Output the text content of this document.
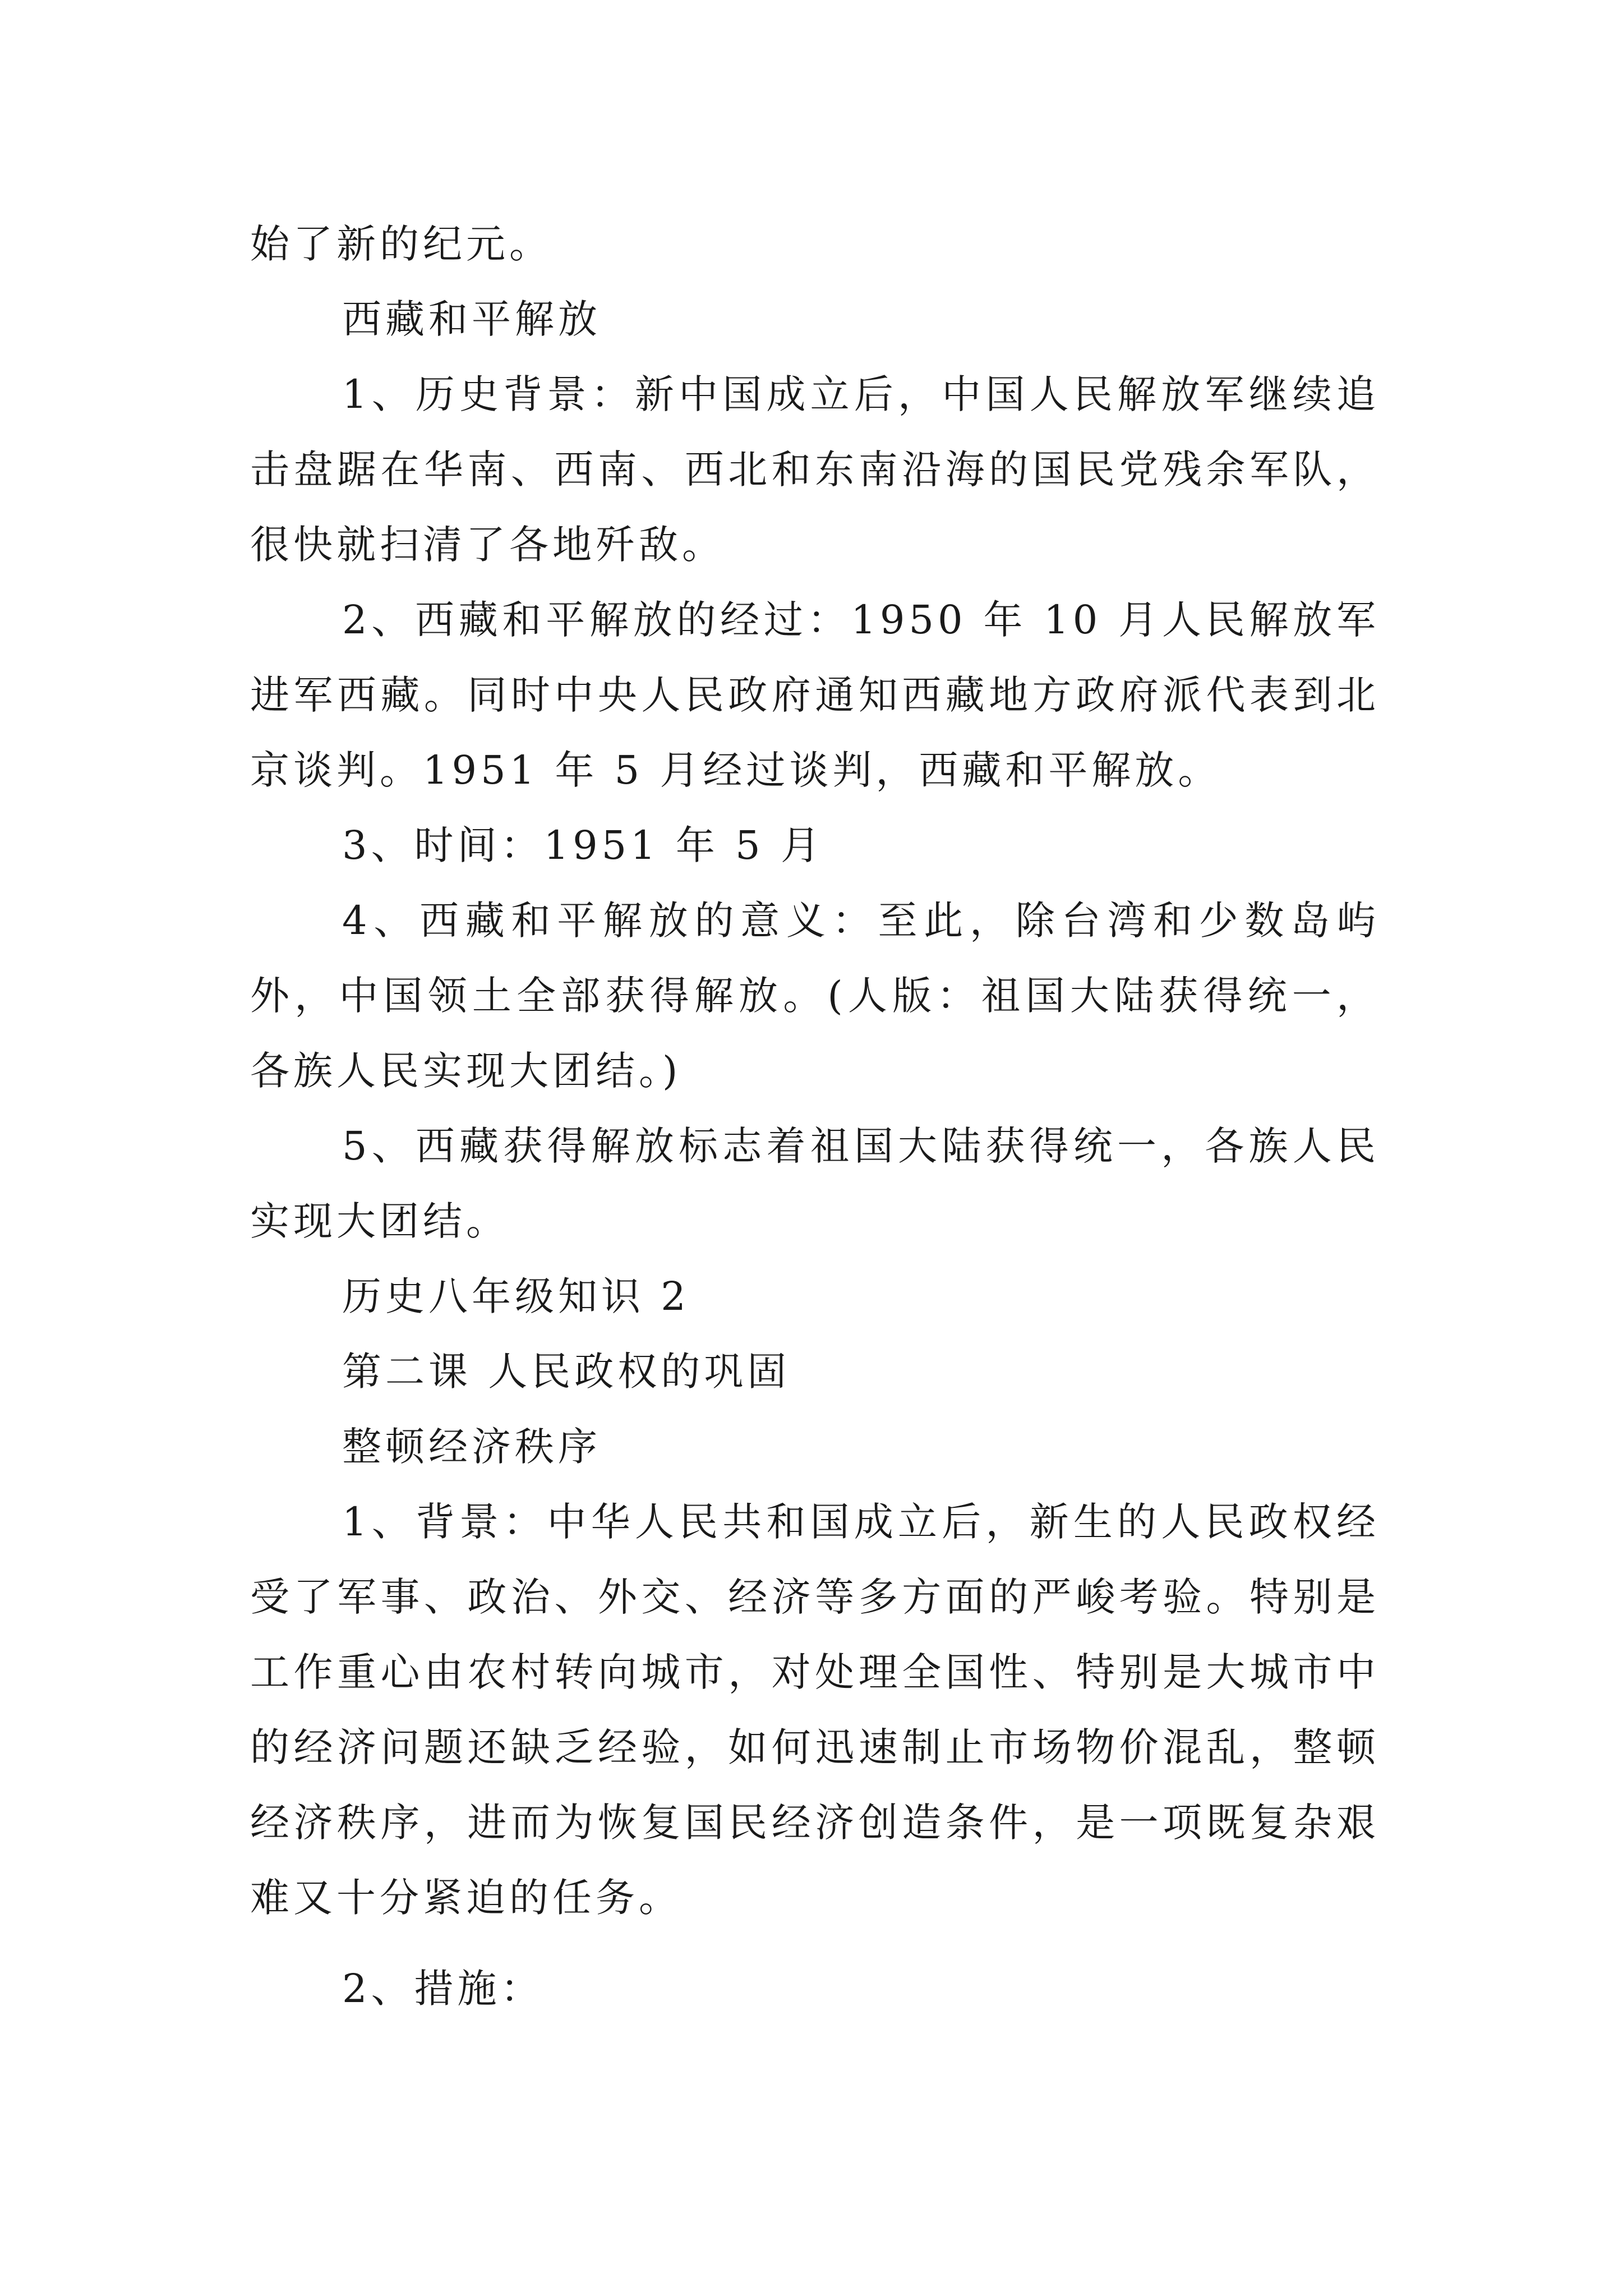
始了新的纪元。

西藏和平解放

1、历史背景：新中国成立后，中国人民解放军继续追击盘踞在华南、西南、西北和东南沿海的国民党残余军队，很快就扫清了各地歼敌。

2、西藏和平解放的经过：1950 年 10 月人民解放军进军西藏。同时中央人民政府通知西藏地方政府派代表到北京谈判。1951 年 5 月经过谈判，西藏和平解放。

3、时间：1951 年 5 月

4、西藏和平解放的意义：至此，除台湾和少数岛屿外，中国领土全部获得解放。(人版：祖国大陆获得统一，各族人民实现大团结。)

5、西藏获得解放标志着祖国大陆获得统一，各族人民实现大团结。

历史八年级知识 2

第二课 人民政权的巩固

整顿经济秩序

1、背景：中华人民共和国成立后，新生的人民政权经受了军事、政治、外交、经济等多方面的严峻考验。特别是工作重心由农村转向城市，对处理全国性、特别是大城市中的经济问题还缺乏经验，如何迅速制止市场物价混乱，整顿经济秩序，进而为恢复国民经济创造条件，是一项既复杂艰难又十分紧迫的任务。

2、措施：
